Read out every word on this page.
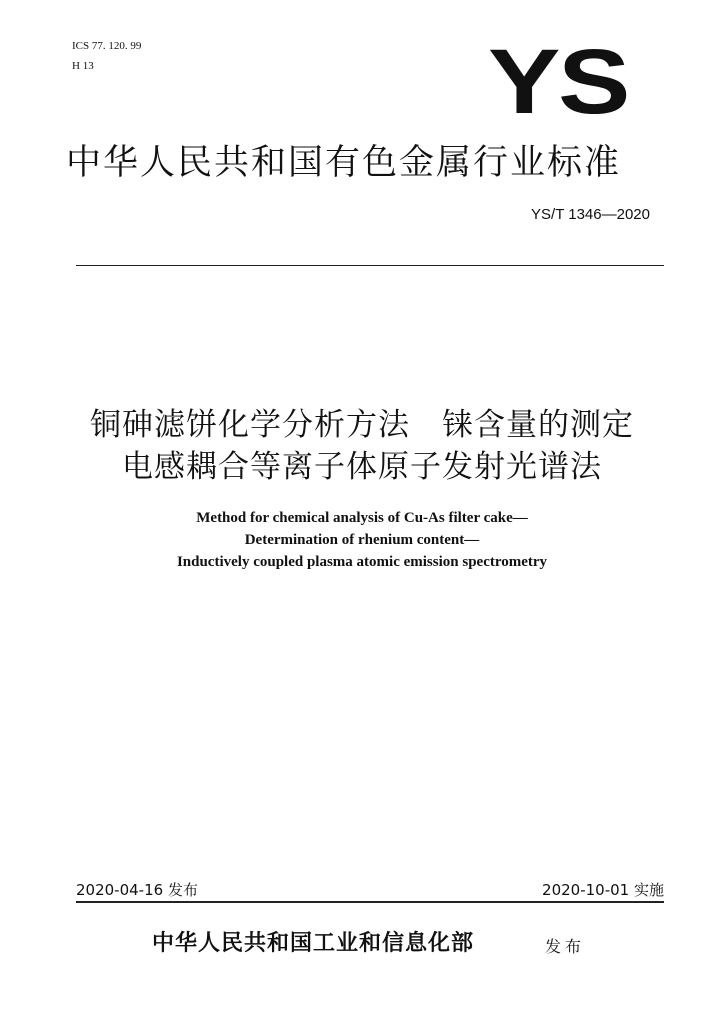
ICS 77. 120. 99
H 13	YS
中华人民共和国有色金属行业标准
YS/T 1346—2020
铜砷滤饼化学分析方法　铼含量的测定
电感耦合等离子体原子发射光谱法
Method for chemical analysis of Cu-As filter cake—
Determination of rhenium content—
Inductively coupled plasma atomic emission spectrometry
2020-04-16 发布	2020-10-01 实施
中华人民共和国工业和信息化部	发布
